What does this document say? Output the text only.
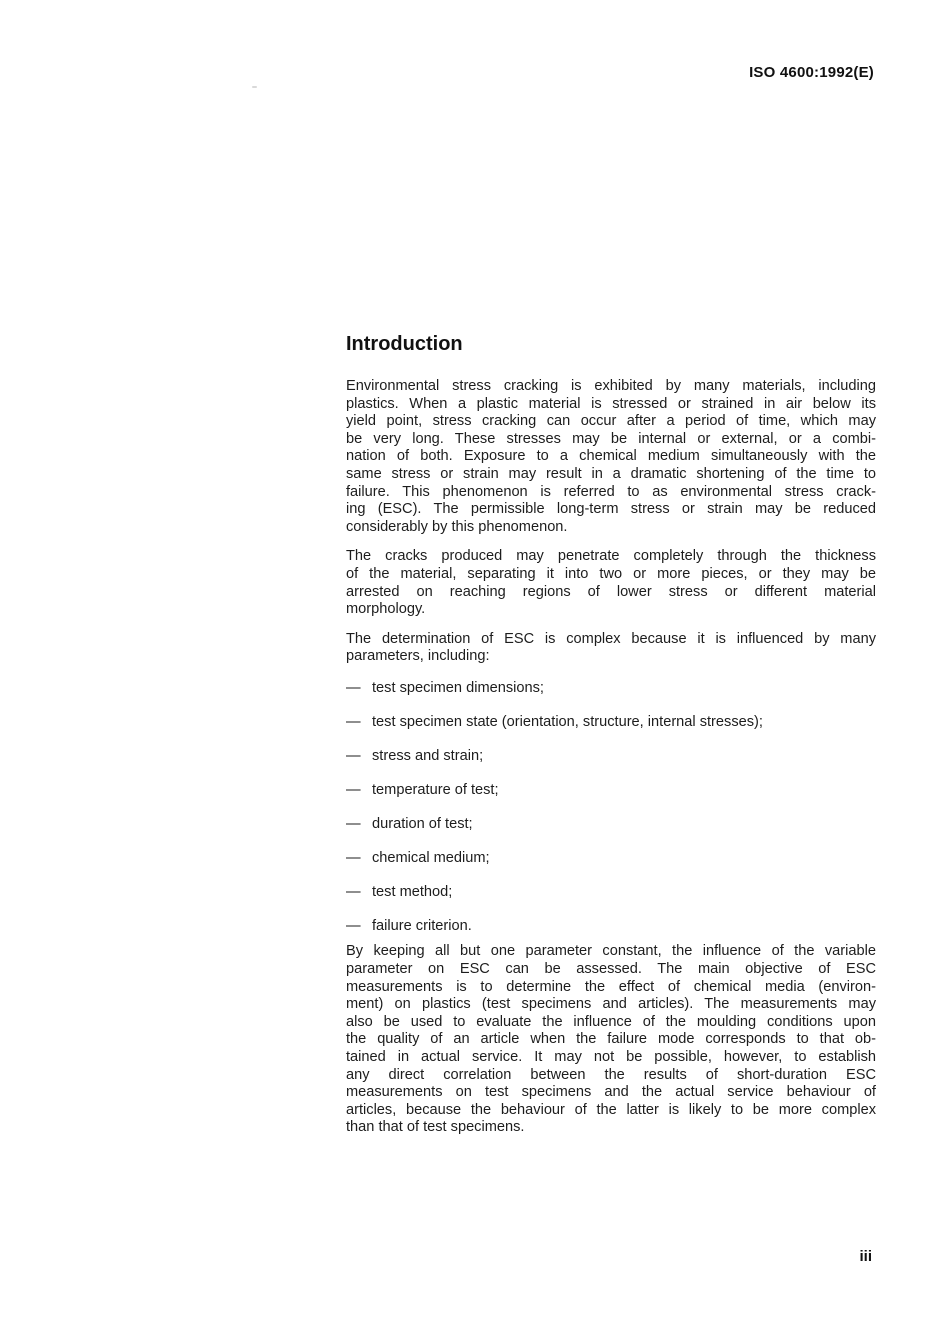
ISO 4600:1992(E)
Introduction
Environmental stress cracking is exhibited by many materials, including
plastics. When a plastic material is stressed or strained in air below its
yield point, stress cracking can occur after a period of time, which may
be very long. These stresses may be internal or external, or a combi-
nation of both. Exposure to a chemical medium simultaneously with the
same stress or strain may result in a dramatic shortening of the time to
failure. This phenomenon is referred to as environmental stress crack-
ing (ESC). The permissible long-term stress or strain may be reduced
considerably by this phenomenon.
The cracks produced may penetrate completely through the thickness
of the material, separating it into two or more pieces, or they may be
arrested on reaching regions of lower stress or different material
morphology.
The determination of ESC is complex because it is influenced by many
parameters, including:
— test specimen dimensions;
— test specimen state (orientation, structure, internal stresses);
— stress and strain;
— temperature of test;
— duration of test;
— chemical medium;
— test method;
— failure criterion.
By keeping all but one parameter constant, the influence of the variable
parameter on ESC can be assessed. The main objective of ESC
measurements is to determine the effect of chemical media (environ-
ment) on plastics (test specimens and articles). The measurements may
also be used to evaluate the influence of the moulding conditions upon
the quality of an article when the failure mode corresponds to that ob-
tained in actual service. It may not be possible, however, to establish
any direct correlation between the results of short-duration ESC
measurements on test specimens and the actual service behaviour of
articles, because the behaviour of the latter is likely to be more complex
than that of test specimens.
iii
